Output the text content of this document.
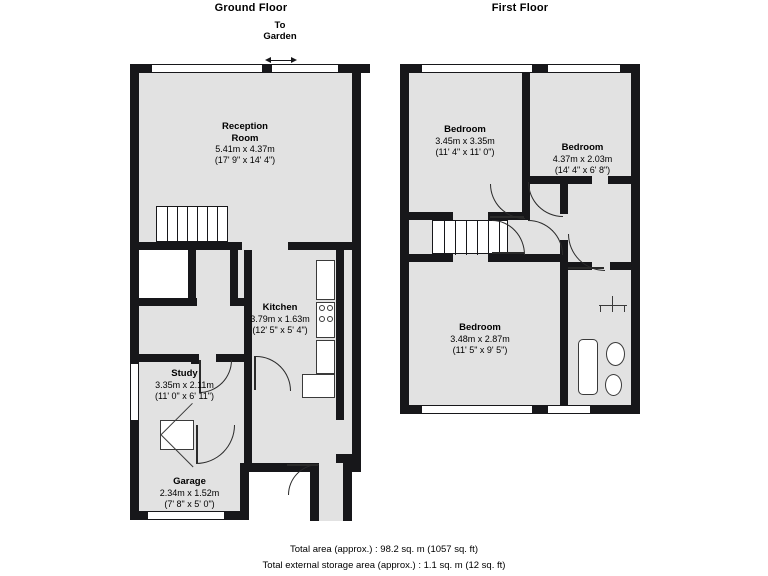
Ground Floor	First Floor
To
Garden
Reception
Room
5.41m x 4.37m
(17' 9" x 14' 4")
Kitchen
3.79m x 1.63m
(12' 5" x 5' 4")
Study
3.35m x 2.11m
(11' 0" x 6' 11")
Garage
2.34m x 1.52m
(7' 8" x 5' 0")
Bedroom
3.45m x 3.35m
(11' 4" x 11' 0")	Bedroom
4.37m x 2.03m
(14' 4" x 6' 8")
Bedroom
3.48m x 2.87m
(11' 5" x 9' 5")
Total area (approx.) : 98.2 sq. m (1057 sq. ft)
Total external storage area (approx.) : 1.1 sq. m (12 sq. ft)
